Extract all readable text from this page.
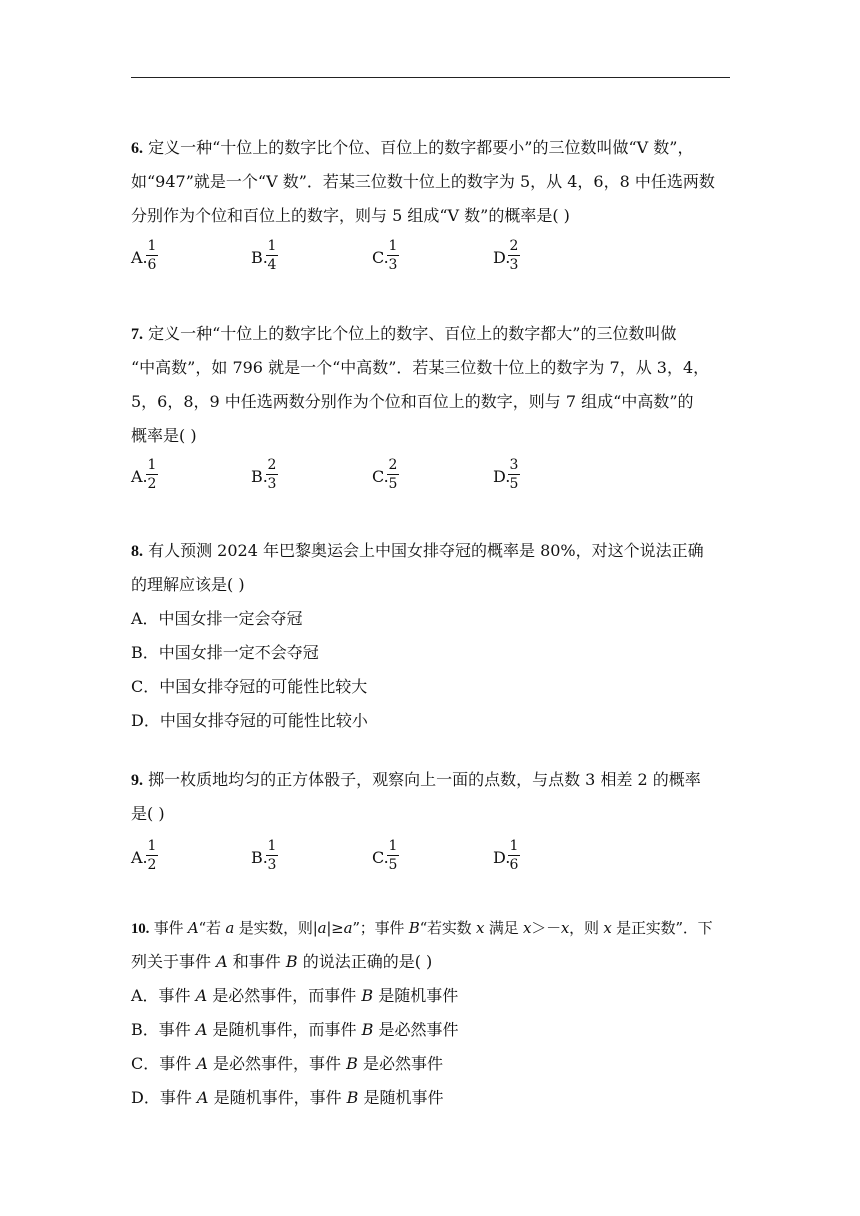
6. 定义一种“十位上的数字比个位、百位上的数字都要小”的三位数叫做“V 数”，
如“947”就是一个“V 数”．若某三位数十位上的数字为 5，从 4，6，8 中任选两数
分别作为个位和百位上的数字，则与 5 组成“V 数”的概率是( )
A.
1
6	B.
1
4	C.
1
3	D.
2
3
7. 定义一种“十位上的数字比个位上的数字、百位上的数字都大”的三位数叫做
“中高数”，如 796 就是一个“中高数”．若某三位数十位上的数字为 7，从 3，4，
5，6，8，9 中任选两数分别作为个位和百位上的数字，则与 7 组成“中高数”的
概率是( )
A.
1
2	B.
2
3	C.
2
5	D.
3
5
8. 有人预测 2024 年巴黎奥运会上中国女排夺冠的概率是 80%，对这个说法正确
的理解应该是( )
A．中国女排一定会夺冠
B．中国女排一定不会夺冠
C．中国女排夺冠的可能性比较大
D．中国女排夺冠的可能性比较小
9. 掷一枚质地均匀的正方体骰子，观察向上一面的点数，与点数 3 相差 2 的概率
是( )
A.
1
2	B.
1
3	C.
1
5	D.
1
6
10. 事件 A“若 a 是实数，则|a|≥a”；事件 B“若实数 x 满足 x＞－x，则 x 是正实数”．下
列关于事件 A 和事件 B 的说法正确的是( )
A．事件 A 是必然事件，而事件 B 是随机事件
B．事件 A 是随机事件，而事件 B 是必然事件
C．事件 A 是必然事件，事件 B 是必然事件
D．事件 A 是随机事件，事件 B 是随机事件
